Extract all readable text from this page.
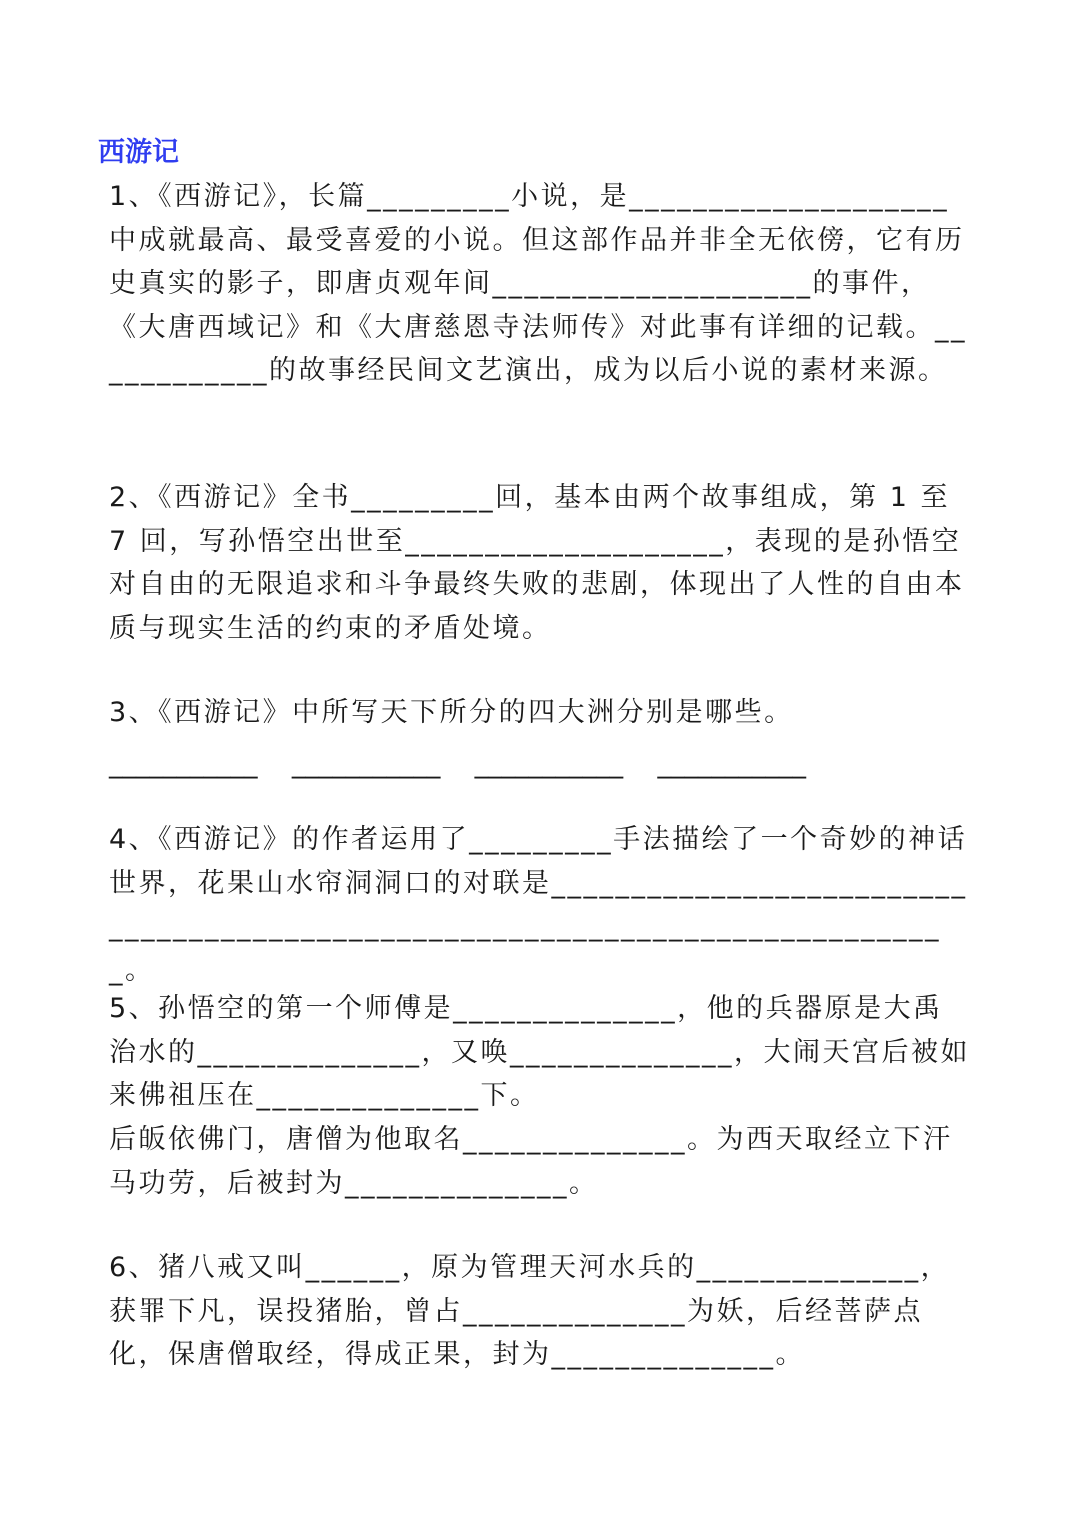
西游记

1、《西游记》，长篇_________小说，是____________________中成就最高、最受喜爱的小说。但这部作品并非全无依傍，它有历史真实的影子，即唐贞观年间____________________的事件，《大唐西域记》和《大唐慈恩寺法师传》对此事有详细的记载。____________的故事经民间文艺演出，成为以后小说的素材来源。

2、《西游记》全书_________回，基本由两个故事组成，第 1 至 7 回，写孙悟空出世至____________________，表现的是孙悟空对自由的无限追求和斗争最终失败的悲剧，体现出了人性的自由本质与现实生活的约束的矛盾处境。

3、《西游记》中所写天下所分的四大洲分别是哪些。

___________    ___________    ___________    ___________

4、《西游记》的作者运用了_________手法描绘了一个奇妙的神话世界，花果山水帘洞洞口的对联是_______________________________________________________________________________。

5、孙悟空的第一个师傅是______________，他的兵器原是大禹治水的______________，又唤______________，大闹天宫后被如来佛祖压在______________下。

后皈依佛门，唐僧为他取名______________。为西天取经立下汗马功劳，后被封为______________。

6、猪八戒又叫______，原为管理天河水兵的______________，获罪下凡，误投猪胎，曾占______________为妖，后经菩萨点化，保唐僧取经，得成正果，封为______________。
